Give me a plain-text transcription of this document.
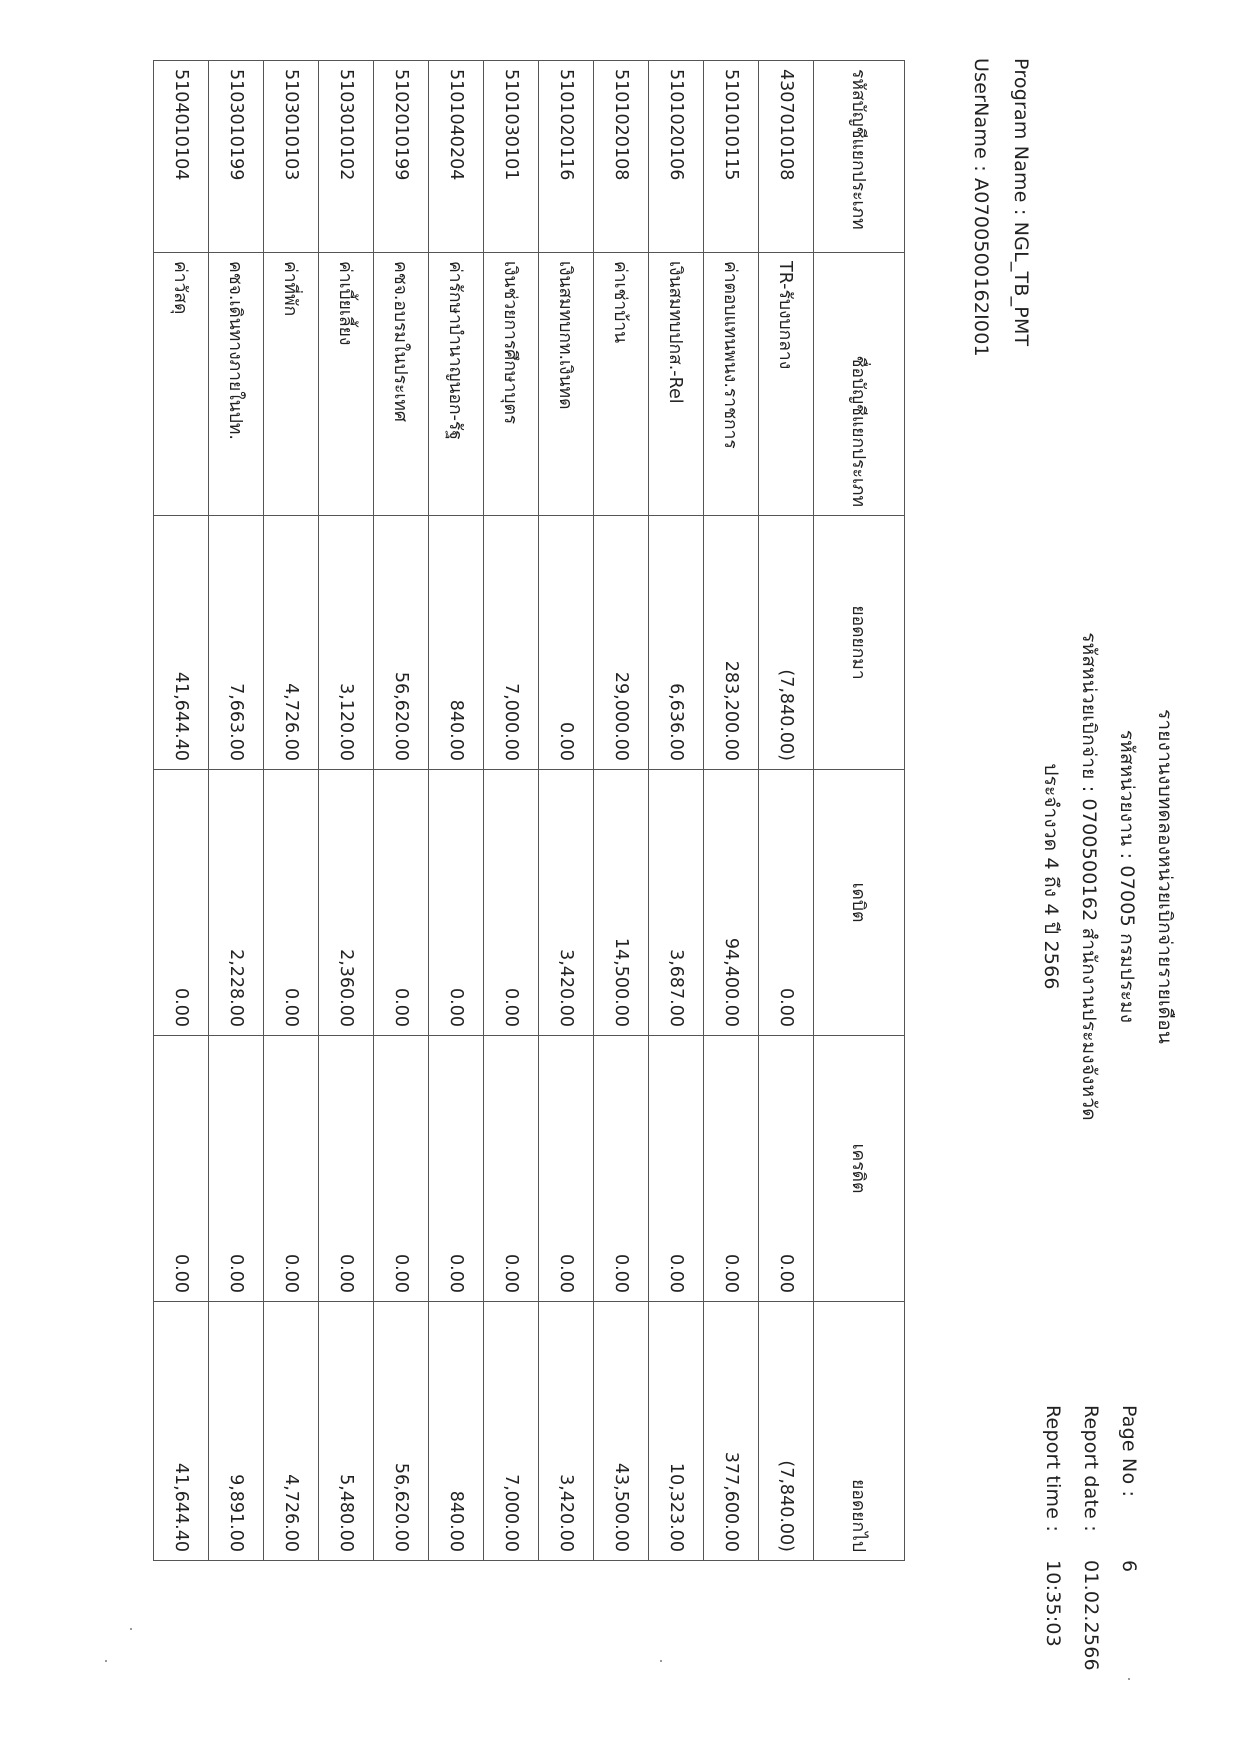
รายงานงบทดลองหน่วยเบิกจ่ายรายเดือน
รหัสหน่วยงาน : 07005 กรมประมง
รหัสหน่วยเบิกจ่าย : 0700500162 สำนักงานประมงจังหวัด
ประจำงวด 4 ถึง 4 ปี 2566
Program Name : NGL_TB_PMT
UserName : A0700500162I001
Page No :
6
Report date :
01.02.2566
Report time :
10:35:03
รหัสบัญชีแยกประเภท	ชื่อบัญชีแยกประเภท	ยอดยกมา	เดบิต	เครดิต	ยอดยกไป
4307010108	TR-รับงบกลาง	(7,840.00)	0.00	0.00	(7,840.00)
5101010115	ค่าตอบแทนพนง.ราชการ	283,200.00	94,400.00	0.00	377,600.00
5101020106	เงินสมทบปกส.-Rel	6,636.00	3,687.00	0.00	10,323.00
5101020108	ค่าเช่าบ้าน	29,000.00	14,500.00	0.00	43,500.00
5101020116	เงินสมทบกท.เงินทด	0.00	3,420.00	0.00	3,420.00
5101030101	เงินช่วยการศึกษาบุตร	7,000.00	0.00	0.00	7,000.00
5101040204	ค่ารักษาบำนาญนอก-รัฐ	840.00	0.00	0.00	840.00
5102010199	คชจ.อบรมในประเทศ	56,620.00	0.00	0.00	56,620.00
5103010102	ค่าเบี้ยเลี้ยง	3,120.00	2,360.00	0.00	5,480.00
5103010103	ค่าที่พัก	4,726.00	0.00	0.00	4,726.00
5103010199	คชจ.เดินทางภายในปท.	7,663.00	2,228.00	0.00	9,891.00
5104010104	ค่าวัสดุ	41,644.40	0.00	0.00	41,644.40
